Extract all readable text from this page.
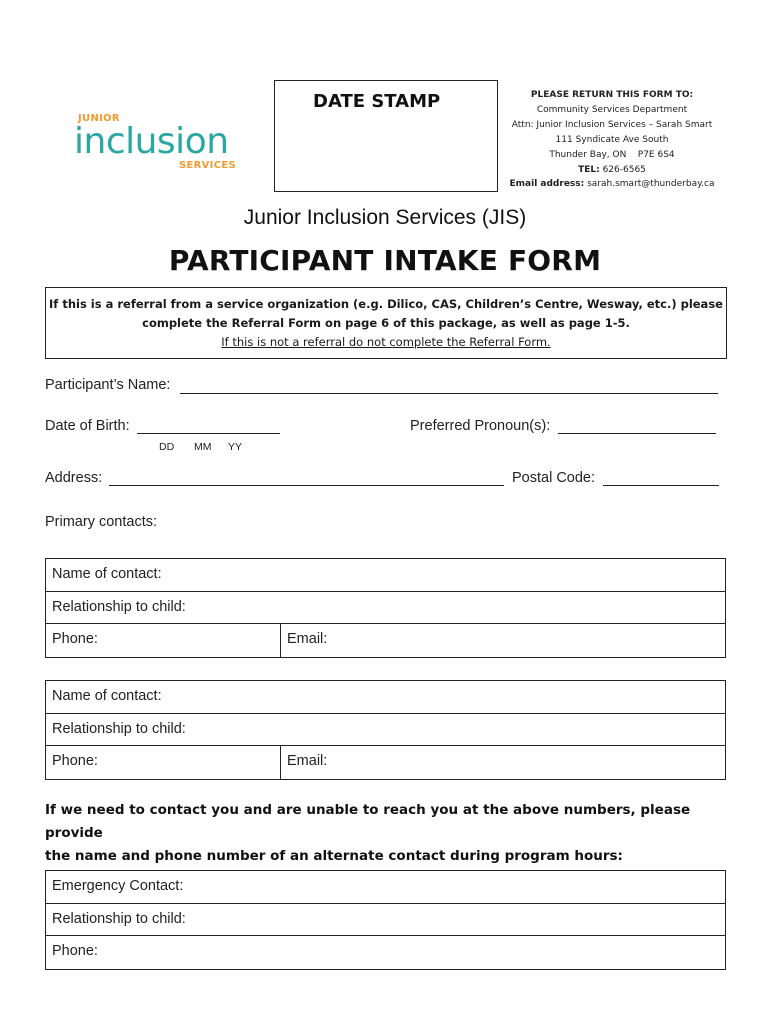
JUNIOR
inclusion
SERVICES
DATE STAMP	PLEASE RETURN THIS FORM TO:
Community Services Department
Attn: Junior Inclusion Services – Sarah Smart
111 Syndicate Ave South
Thunder Bay, ON    P7E 6S4
TEL: 626-6565
Email address: sarah.smart@thunderbay.ca
Junior Inclusion Services (JIS)
PARTICIPANT INTAKE FORM
If this is a referral from a service organization (e.g. Dilico, CAS, Children’s Centre, Wesway, etc.) please
complete the Referral Form on page 6 of this package, as well as page 1-5.
If this is not a referral do not complete the Referral Form.
Participant’s Name:
Date of Birth:
DD MM YY
Preferred Pronoun(s):
Address:	Postal Code:
Primary contacts:
Name of contact:
Relationship to child:
Phone:	Email:
Name of contact:
Relationship to child:
Phone:	Email:
If we need to contact you and are unable to reach you at the above numbers, please provide
the name and phone number of an alternate contact during program hours:
Emergency Contact:
Relationship to child:
Phone:
